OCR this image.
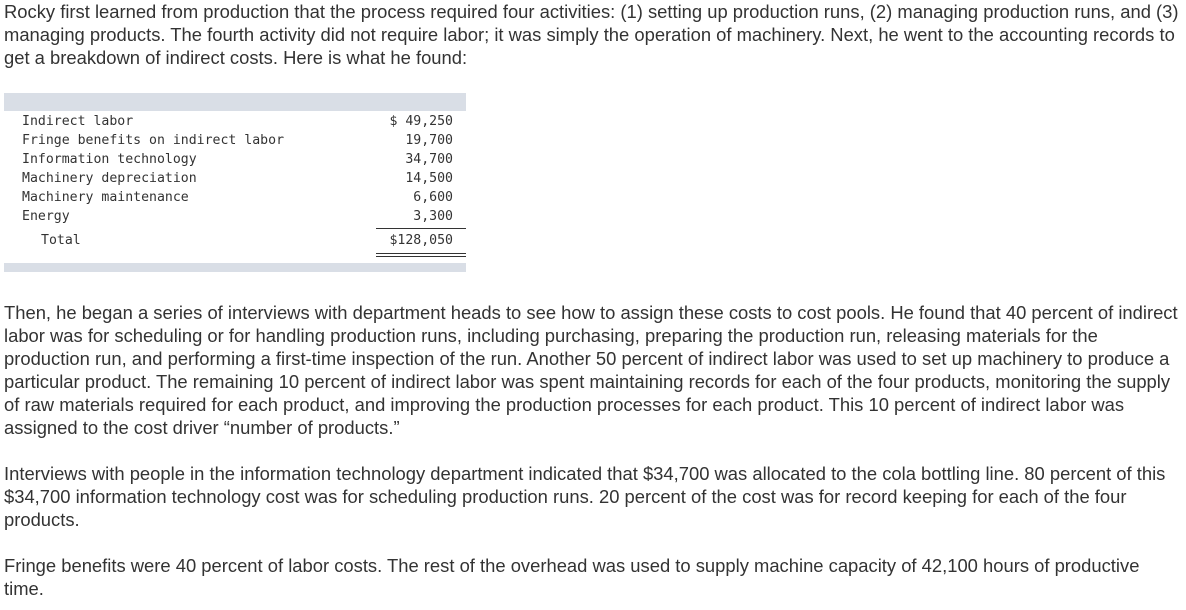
Rocky first learned from production that the process required four activities: (1) setting up production runs, (2) managing production runs, and (3) managing products. The fourth activity did not require labor; it was simply the operation of machinery. Next, he went to the accounting records to get a breakdown of indirect costs. Here is what he found:

Indirect labor	$ 49,250
Fringe benefits on indirect labor	19,700
Information technology	34,700
Machinery depreciation	14,500
Machinery maintenance	6,600
Energy	3,300
Total	$128,050

Then, he began a series of interviews with department heads to see how to assign these costs to cost pools. He found that 40 percent of indirect labor was for scheduling or for handling production runs, including purchasing, preparing the production run, releasing materials for the production run, and performing a first-time inspection of the run. Another 50 percent of indirect labor was used to set up machinery to produce a particular product. The remaining 10 percent of indirect labor was spent maintaining records for each of the four products, monitoring the supply of raw materials required for each product, and improving the production processes for each product. This 10 percent of indirect labor was assigned to the cost driver “number of products.”

Interviews with people in the information technology department indicated that $34,700 was allocated to the cola bottling line. 80 percent of this $34,700 information technology cost was for scheduling production runs. 20 percent of the cost was for record keeping for each of the four products.

Fringe benefits were 40 percent of labor costs. The rest of the overhead was used to supply machine capacity of 42,100 hours of productive time.
